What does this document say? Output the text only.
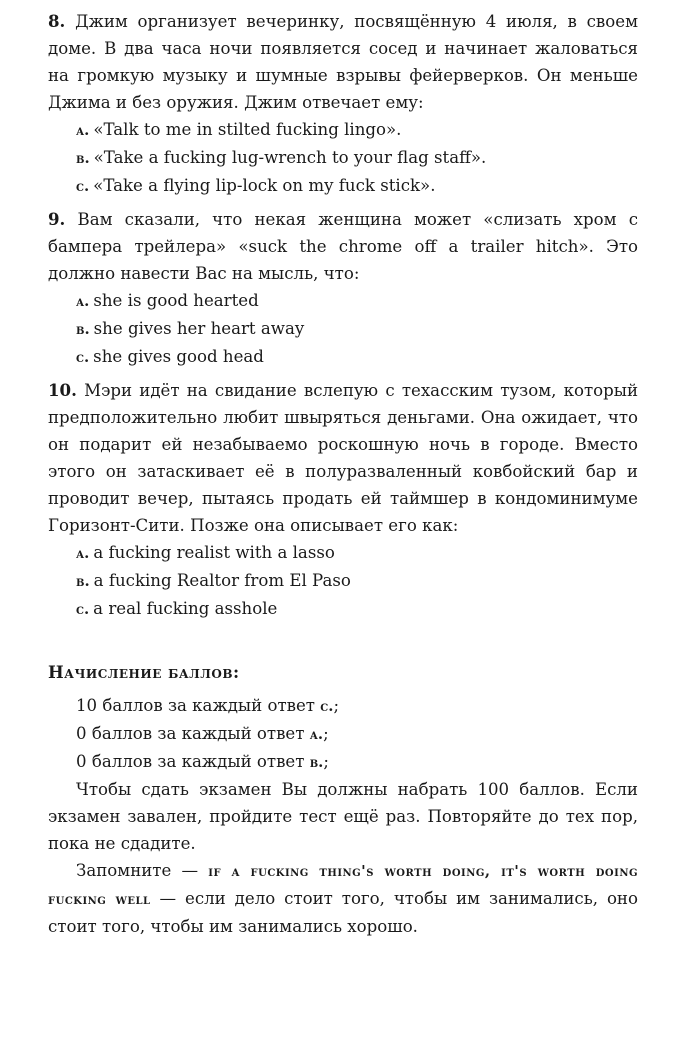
8. Джим организует вечеринку, посвящённую 4 июля, в своем доме. В два часа ночи появляется сосед и начинает жаловаться на громкую музыку и шумные взрывы фейерверков. Он меньше Джима и без оружия. Джим отвечает ему:

а. «Talk to me in stilted fucking lingo».
в. «Take a fucking lug-wrench to your flag staff».
с. «Take a flying lip-lock on my fuck stick».

9. Вам сказали, что некая женщина может «слизать хром с бампера трейлера» «suck the chrome off a trailer hitch». Это должно навести Вас на мысль, что:

а. she is good hearted
в. she gives her heart away
с. she gives good head

10. Мэри идёт на свидание вслепую с техасским тузом, который предположительно любит швыряться деньгами. Она ожидает, что он подарит ей незабываемо роскошную ночь в городе. Вместо этого он затаскивает её в полуразваленный ковбойский бар и проводит вечер, пытаясь продать ей таймшер в кондоминимуме Горизонт-Сити. Позже она описывает его как:

а. a fucking realist with a lasso
в. a fucking Realtor from El Paso
с. a real fucking asshole

Начисление баллов:

10 баллов за каждый ответ с.;

0 баллов за каждый ответ а.;

0 баллов за каждый ответ в.;

Чтобы сдать экзамен Вы должны набрать 100 баллов. Если экзамен завален, пройдите тест ещё раз. Повторяйте до тех пор, пока не сдадите.

Запомните — if a fucking thing's worth doing, it's worth doing fucking well — если дело стоит того, чтобы им занимались, оно стоит того, чтобы им занимались хорошо.
